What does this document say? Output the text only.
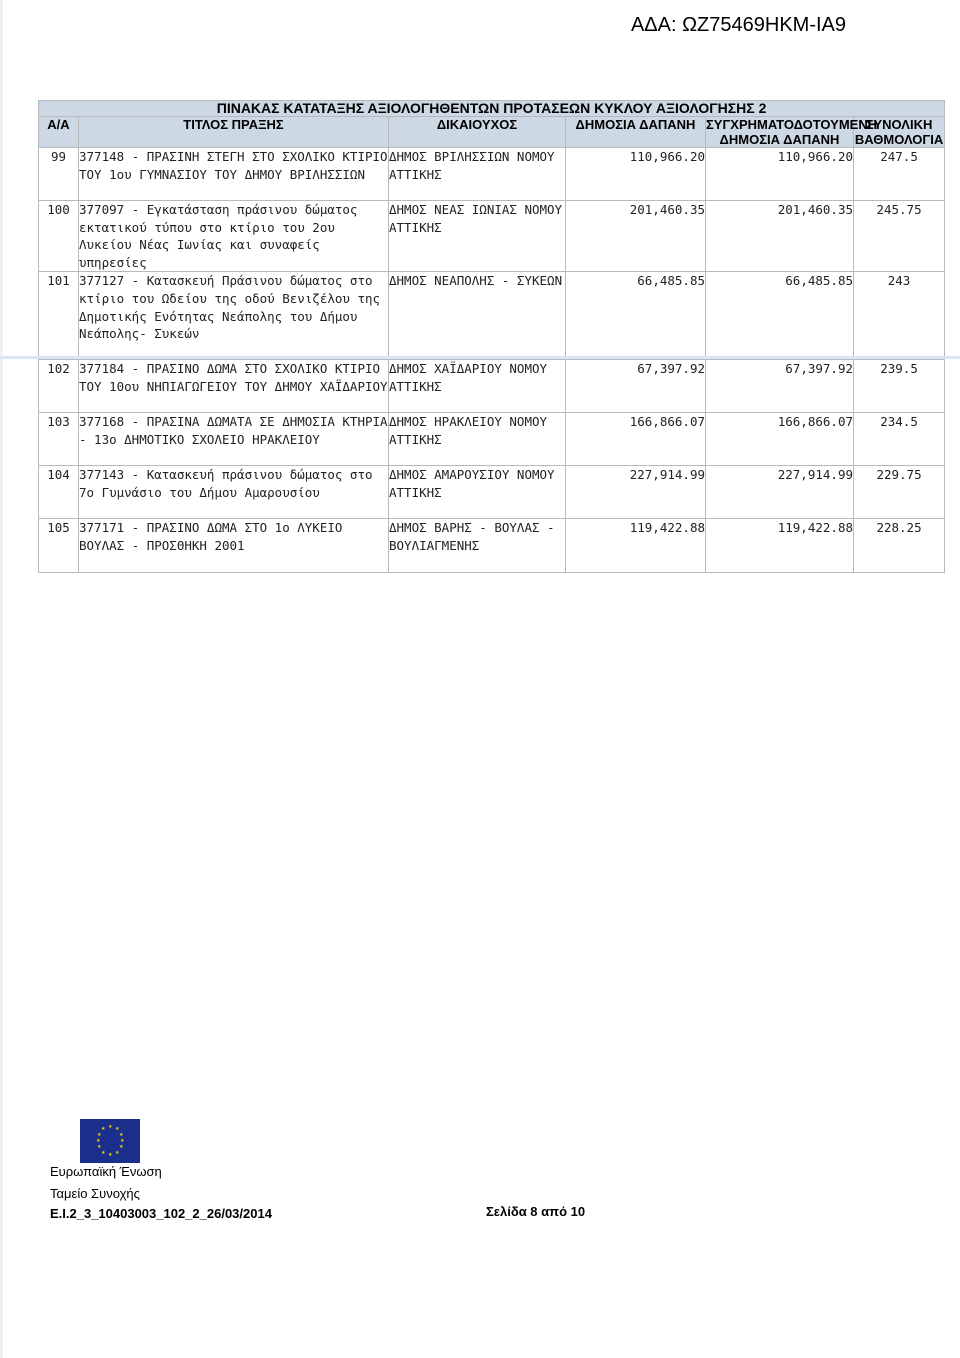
ΑΔΑ: ΩΖ75469ΗΚΜ-ΙΑ9
ΠΙΝΑΚΑΣ ΚΑΤΑΤΑΞΗΣ ΑΞΙΟΛΟΓΗΘΕΝΤΩΝ ΠΡΟΤΑΣΕΩΝ ΚΥΚΛΟΥ ΑΞΙΟΛΟΓΗΣΗΣ 2					
Α/Α	ΤΙΤΛΟΣ ΠΡΑΞΗΣ	ΔΙΚΑΙΟΥΧΟΣ	ΔΗΜΟΣΙΑ ΔΑΠΑΝΗ	ΣΥΓΧΡΗΜΑΤΟΔΟΤΟΥΜΕΝΗ ΔΗΜΟΣΙΑ ΔΑΠΑΝΗ	ΣΥΝΟΛΙΚΗ ΒΑΘΜΟΛΟΓΙΑ
99	377148 - ΠΡΑΣΙΝΗ ΣΤΕΓΗ ΣΤΟ ΣΧΟΛΙΚΟ ΚΤΙΡΙΟ ΤΟΥ 1ου ΓΥΜΝΑΣΙΟΥ ΤΟΥ ΔΗΜΟΥ ΒΡΙΛΗΣΣΙΩΝ	ΔΗΜΟΣ ΒΡΙΛΗΣΣΙΩΝ ΝΟΜΟΥ ΑΤΤΙΚΗΣ	110,966.20	110,966.20	247.5
100	377097 - Εγκατάσταση πράσινου δώματος εκτατικού τύπου στο κτίριο του 2ου Λυκείου Νέας Ιωνίας και συναφείς υπηρεσίες	ΔΗΜΟΣ ΝΕΑΣ ΙΩΝΙΑΣ ΝΟΜΟΥ ΑΤΤΙΚΗΣ	201,460.35	201,460.35	245.75
101	377127 - Κατασκευή Πράσινου δώματος στο κτίριο του Ωδείου της οδού Βενιζέλου της Δημοτικής Ενότητας Νεάπολης του Δήμου Νεάπολης- Συκεών	ΔΗΜΟΣ ΝΕΑΠΟΛΗΣ - ΣΥΚΕΩΝ	66,485.85	66,485.85	243
102	377184 - ΠΡΑΣΙΝΟ ΔΩΜΑ ΣΤΟ ΣΧΟΛΙΚΟ ΚΤΙΡΙΟ ΤΟΥ 10ου ΝΗΠΙΑΓΩΓΕΙΟΥ ΤΟΥ ΔΗΜΟΥ ΧΑΪΔΑΡΙΟΥ	ΔΗΜΟΣ ΧΑΪΔΑΡΙΟΥ ΝΟΜΟΥ ΑΤΤΙΚΗΣ	67,397.92	67,397.92	239.5
103	377168 - ΠΡΑΣΙΝΑ ΔΩΜΑΤΑ ΣΕ ΔΗΜΟΣΙΑ ΚΤΗΡΙΑ - 13ο ΔΗΜΟΤΙΚΟ ΣΧΟΛΕΙΟ ΗΡΑΚΛΕΙΟΥ	ΔΗΜΟΣ ΗΡΑΚΛΕΙΟΥ ΝΟΜΟΥ ΑΤΤΙΚΗΣ	166,866.07	166,866.07	234.5
104	377143 - Κατασκευή πράσινου δώματος στο 7ο Γυμνάσιο του Δήμου Αμαρουσίου	ΔΗΜΟΣ ΑΜΑΡΟΥΣΙΟΥ ΝΟΜΟΥ ΑΤΤΙΚΗΣ	227,914.99	227,914.99	229.75
105	377171 - ΠΡΑΣΙΝΟ ΔΩΜΑ ΣΤΟ 1ο ΛΥΚΕΙΟ ΒΟΥΛΑΣ - ΠΡΟΣΘΗΚΗ 2001	ΔΗΜΟΣ ΒΑΡΗΣ - ΒΟΥΛΑΣ - ΒΟΥΛΙΑΓΜΕΝΗΣ	119,422.88	119,422.88	228.25
★ ★
★
★
★
★
★
★
★
★
★
★
Ευρωπαϊκή Ένωση
Ταμείο Συνοχής
E.I.2_3_10403003_102_2_26/03/2014	Σελίδα 8 από 10
